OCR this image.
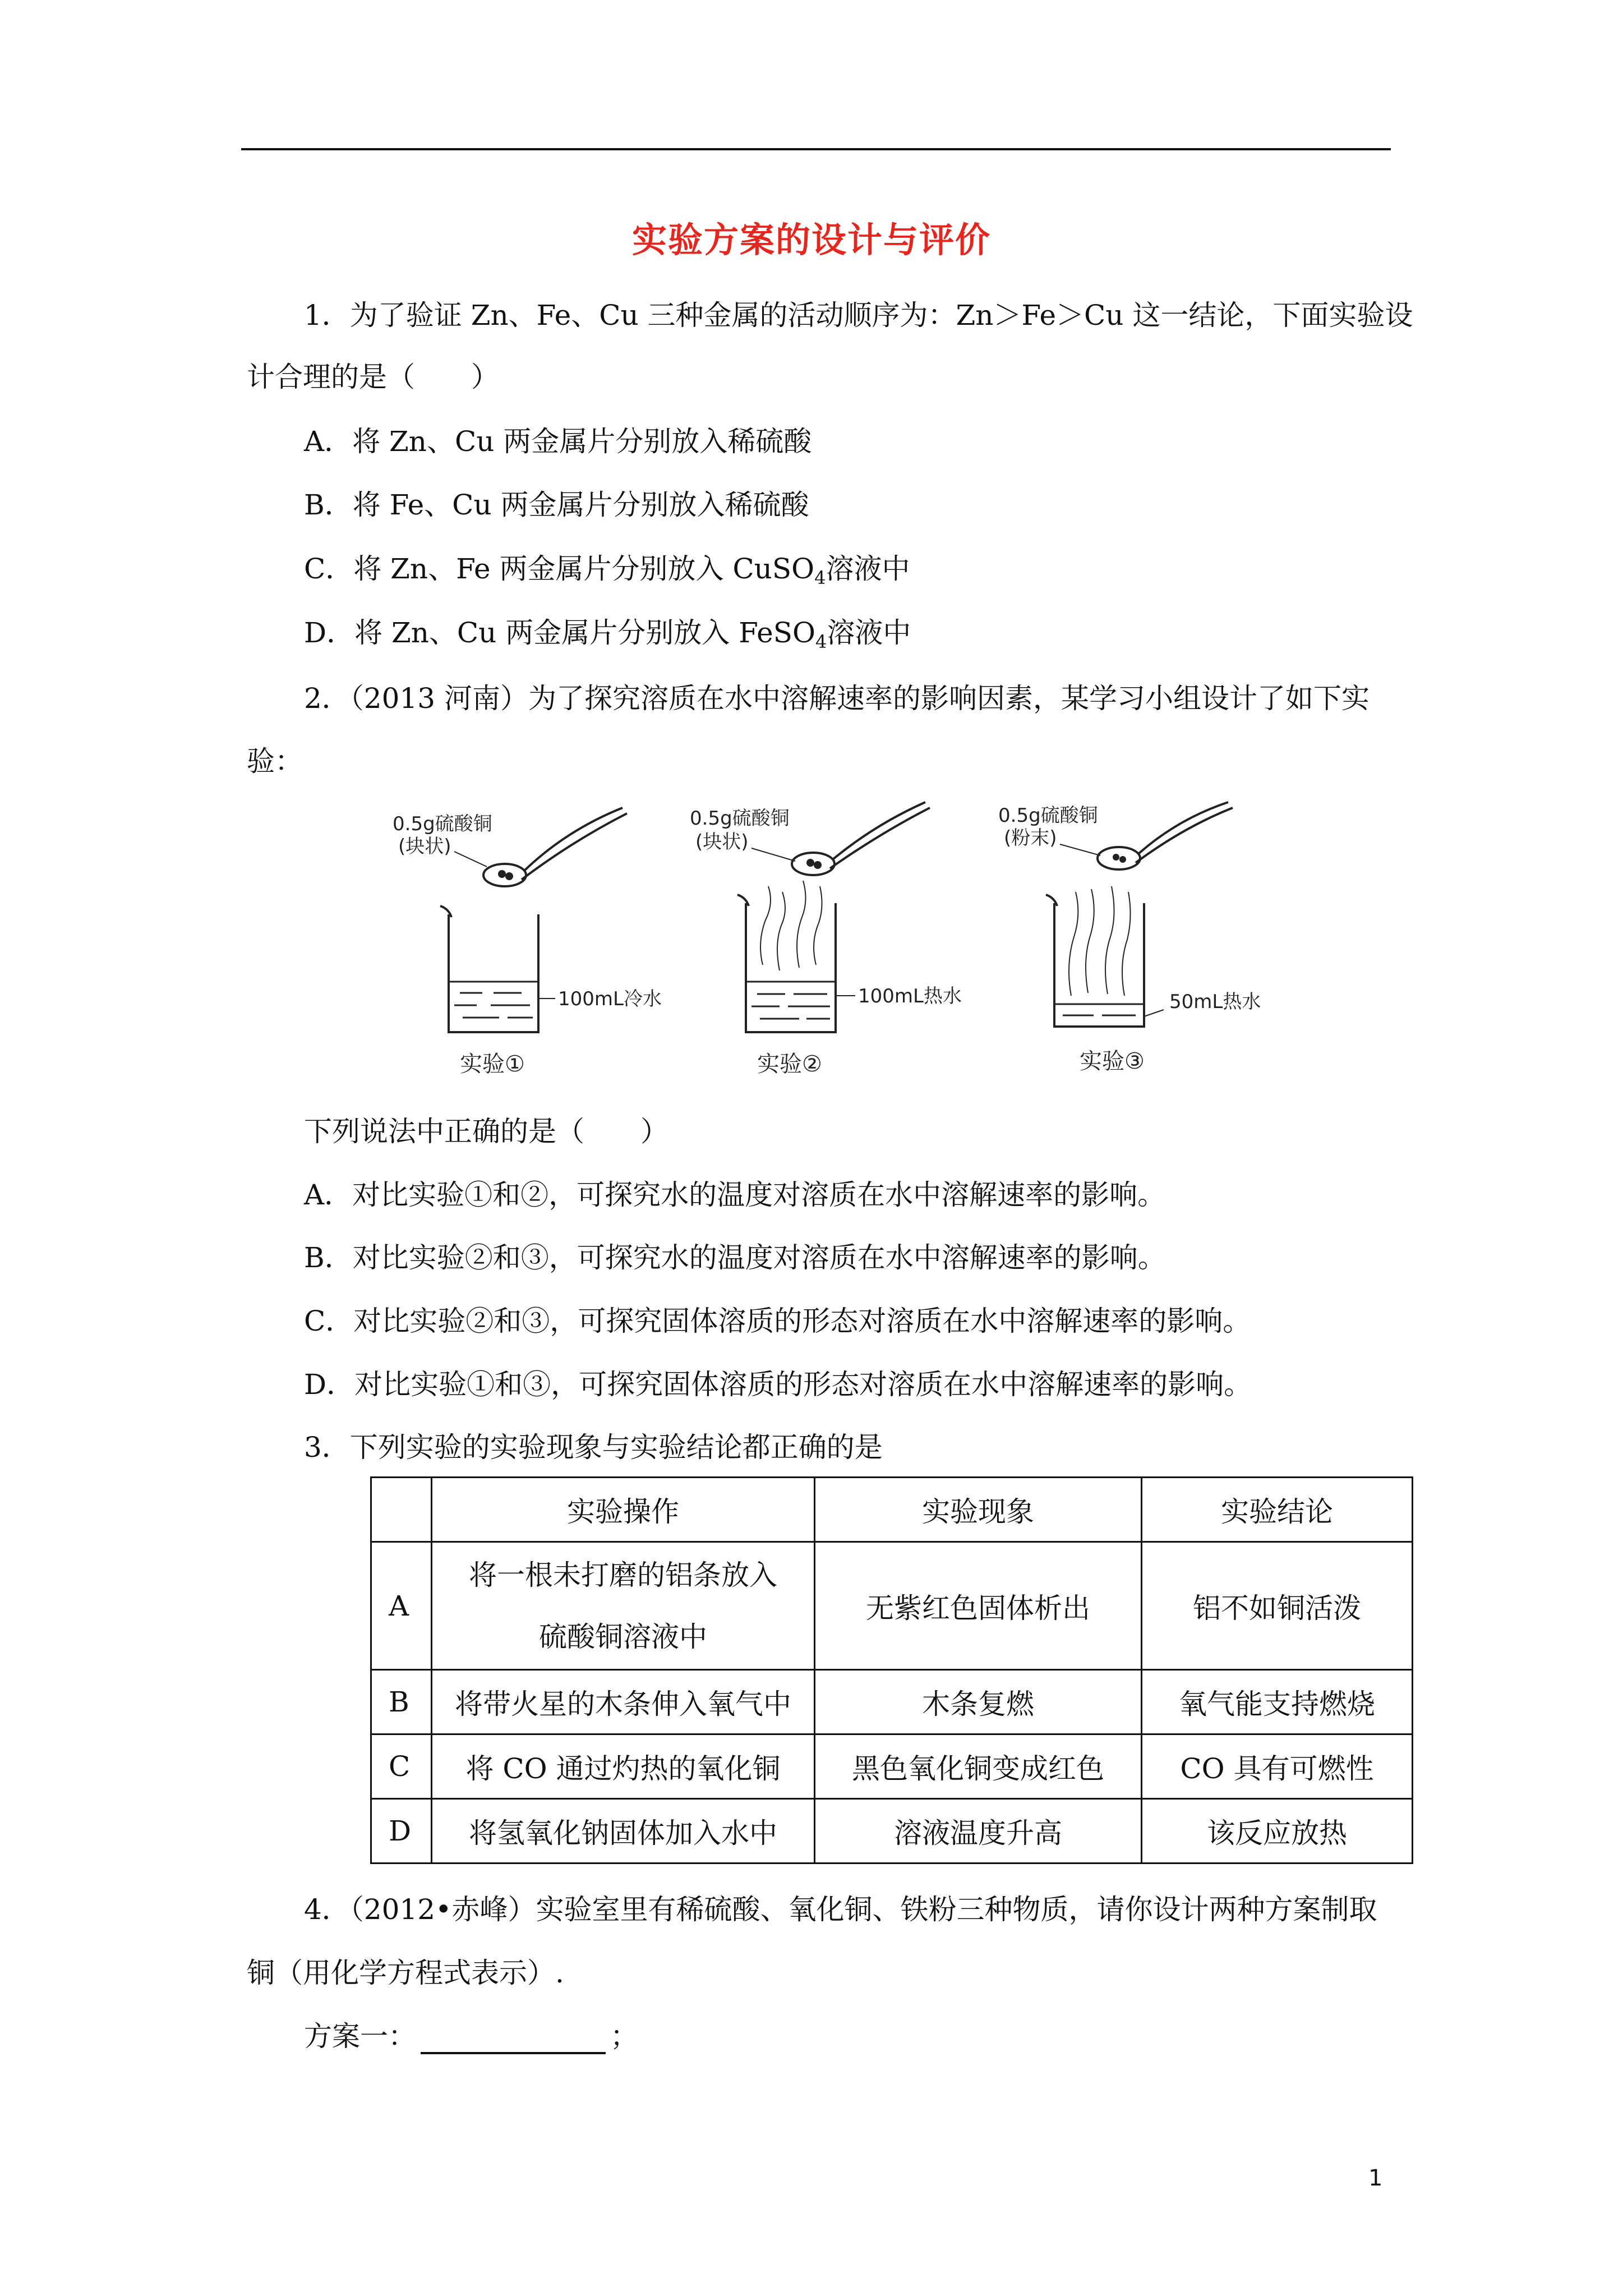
实验方案的设计与评价
1．为了验证 Zn、Fe、Cu 三种金属的活动顺序为：Zn＞Fe＞Cu 这一结论，下面实验设
计合理的是（　　）
A．将 Zn、Cu 两金属片分别放入稀硫酸
B．将 Fe、Cu 两金属片分别放入稀硫酸
C．将 Zn、Fe 两金属片分别放入 CuSO$_4$溶液中
D．将 Zn、Cu 两金属片分别放入 FeSO$_4$溶液中
2．（2013 河南）为了探究溶质在水中溶解速率的影响因素，某学习小组设计了如下实
验：
0.5g硫酸铜
(块状)
100mL冷水
实验①
0.5g硫酸铜
(块状)
100mL热水
实验②
0.5g硫酸铜
(粉末)
50mL热水
实验③
下列说法中正确的是（　　）
A．对比实验①和②，可探究水的温度对溶质在水中溶解速率的影响。
B．对比实验②和③，可探究水的温度对溶质在水中溶解速率的影响。
C．对比实验②和③，可探究固体溶质的形态对溶质在水中溶解速率的影响。
D．对比实验①和③，可探究固体溶质的形态对溶质在水中溶解速率的影响。
3．下列实验的实验现象与实验结论都正确的是
	实验操作	实验现象	实验结论
A	将一根未打磨的铝条放入
硫酸铜溶液中	无紫红色固体析出	铝不如铜活泼
B	将带火星的木条伸入氧气中	木条复燃	氧气能支持燃烧
C	将 CO 通过灼热的氧化铜	黑色氧化铜变成红色	CO 具有可燃性
D	将氢氧化钠固体加入水中	溶液温度升高	该反应放热
4．（2012•赤峰）实验室里有稀硫酸、氧化铜、铁粉三种物质，请你设计两种方案制取
铜（用化学方程式表示）.
方案一：	；
1
